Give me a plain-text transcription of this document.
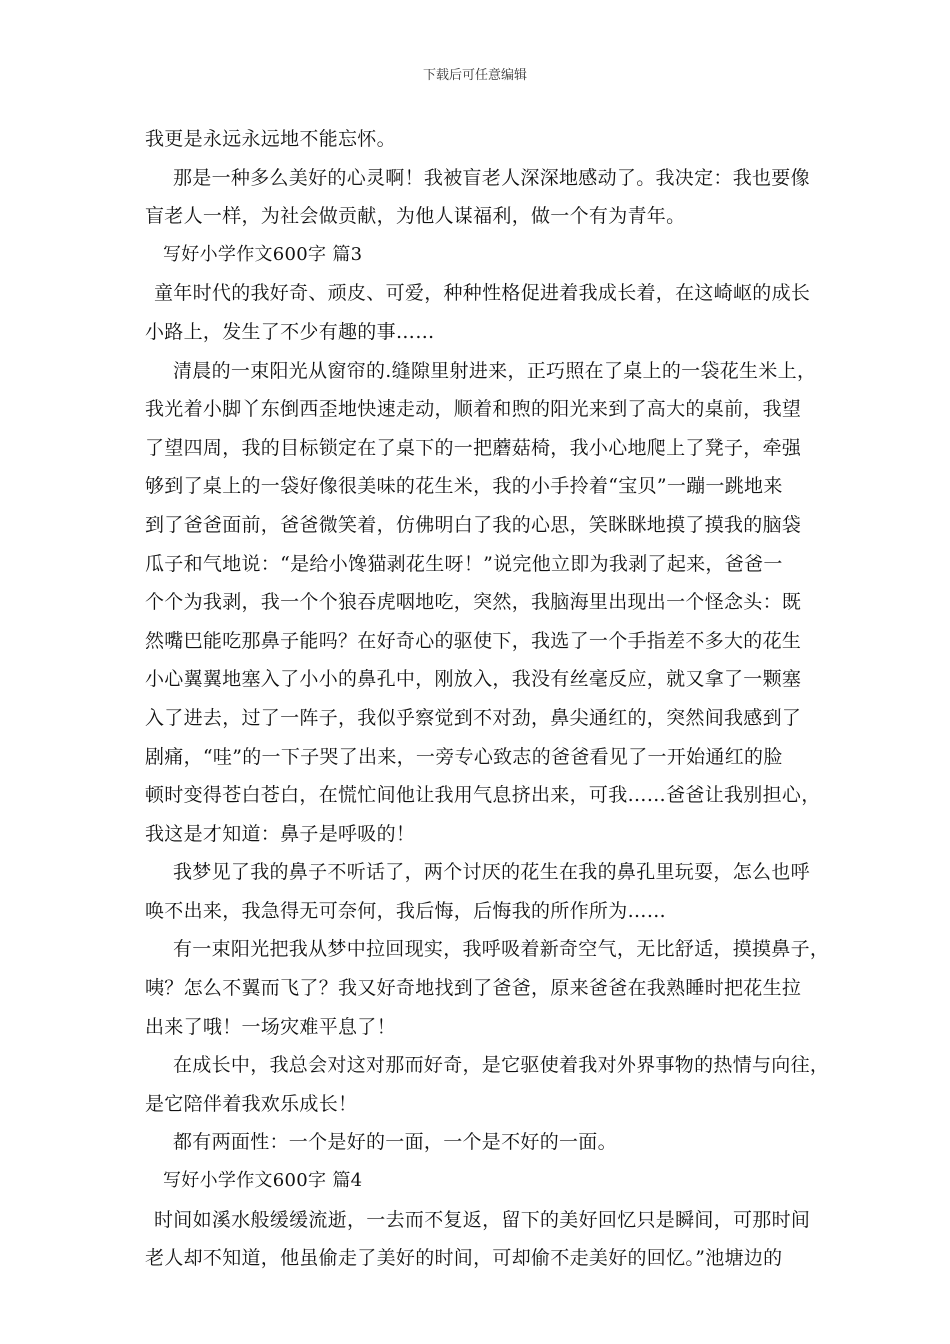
下载后可任意编辑
我更是永远永远地不能忘怀。
那是一种多么美好的心灵啊！我被盲老人深深地感动了。我决定：我也要像
盲老人一样，为社会做贡献，为他人谋福利，做一个有为青年。
写好小学作文600字 篇3
童年时代的我好奇、顽皮、可爱，种种性格促进着我成长着，在这崎岖的成长
小路上，发生了不少有趣的事……
清晨的一束阳光从窗帘的.缝隙里射进来，正巧照在了桌上的一袋花生米上，
我光着小脚丫东倒西歪地快速走动，顺着和煦的阳光来到了高大的桌前，我望
了望四周，我的目标锁定在了桌下的一把蘑菇椅，我小心地爬上了凳子，牵强
够到了桌上的一袋好像很美味的花生米，我的小手拎着“宝贝”一蹦一跳地来
到了爸爸面前，爸爸微笑着，仿佛明白了我的心思，笑眯眯地摸了摸我的脑袋
瓜子和气地说：“是给小馋猫剥花生呀！”说完他立即为我剥了起来，爸爸一
个个为我剥，我一个个狼吞虎咽地吃，突然，我脑海里出现出一个怪念头：既
然嘴巴能吃那鼻子能吗？在好奇心的驱使下，我选了一个手指差不多大的花生
小心翼翼地塞入了小小的鼻孔中，刚放入，我没有丝毫反应，就又拿了一颗塞
入了进去，过了一阵子，我似乎察觉到不对劲，鼻尖通红的，突然间我感到了
剧痛，“哇”的一下子哭了出来，一旁专心致志的爸爸看见了一开始通红的脸
顿时变得苍白苍白，在慌忙间他让我用气息挤出来，可我……爸爸让我别担心，
我这是才知道：鼻子是呼吸的！
我梦见了我的鼻子不听话了，两个讨厌的花生在我的鼻孔里玩耍，怎么也呼
唤不出来，我急得无可奈何，我后悔，后悔我的所作所为……
有一束阳光把我从梦中拉回现实，我呼吸着新奇空气，无比舒适，摸摸鼻子，
咦？怎么不翼而飞了？我又好奇地找到了爸爸，原来爸爸在我熟睡时把花生拉
出来了哦！一场灾难平息了！
在成长中，我总会对这对那而好奇，是它驱使着我对外界事物的热情与向往，
是它陪伴着我欢乐成长！
都有两面性：一个是好的一面，一个是不好的一面。
写好小学作文600字 篇4
时间如溪水般缓缓流逝，一去而不复返，留下的美好回忆只是瞬间，可那时间
老人却不知道，他虽偷走了美好的时间，可却偷不走美好的回忆。”池塘边的
